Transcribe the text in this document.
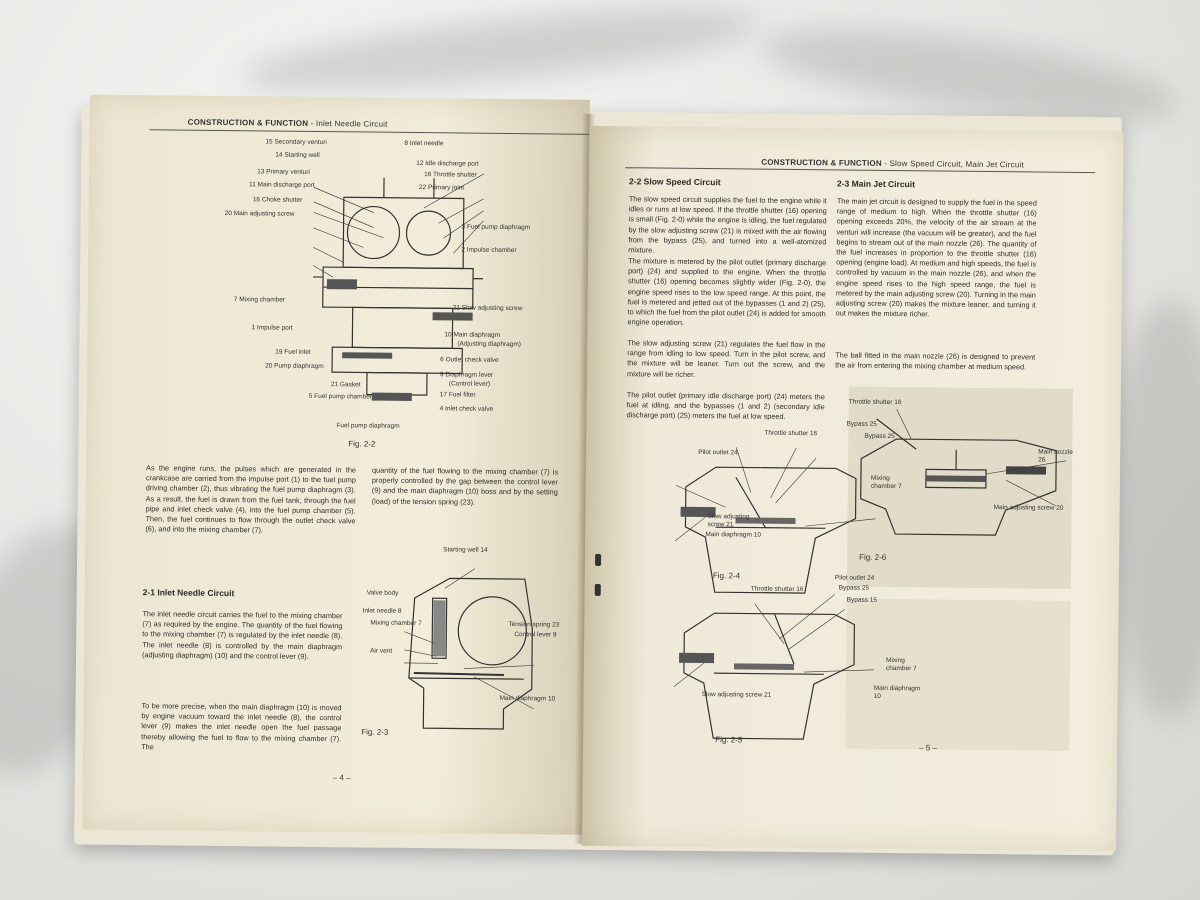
CONSTRUCTION & FUNCTION - Inlet Needle Circuit
15 Secondary venturi
14 Starting well
13 Primary venturi
11 Main discharge port
16 Choke shutter
20 Main adjusting screw
8 Inlet needle
12 Idle discharge port
16 Throttle shutter
22 Primary joint
3 Fuel pump diaphragm
2 Impulse chamber
7 Mixing chamber
1 Impulse port
21 Slow adjusting screw
10 Main diaphragm
(Adjusting diaphragm)
19 Fuel inlet
20 Pump diaphragm
6 Outlet check valve
9 Diaphragm lever
(Control lever)
21 Gasket
17 Fuel filter
5 Fuel pump chamber
4 Inlet check valve
Fuel pump diaphragm
Fig. 2-2
As the engine runs, the pulses which are generated in the crankcase are carried from the impulse port (1) to the fuel pump driving chamber (2), thus vibrating the fuel pump diaphragm (3). As a result, the fuel is drawn from the fuel tank, through the fuel pipe and inlet check valve (4), into the fuel pump chamber (5). Then, the fuel continues to flow through the outlet check valve (6), and into the mixing chamber (7).
quantity of the fuel flowing to the mixing chamber (7) is properly controlled by the gap between the control lever (9) and the main diaphragm (10) boss and by the setting (load) of the tension spring (23).
2-1 Inlet Needle Circuit
The inlet needle circuit carries the fuel to the mixing chamber (7) as required by the engine. The quantity of the fuel flowing to the mixing chamber (7) is regulated by the inlet needle (8). The inlet needle (8) is controlled by the main diaphragm (adjusting diaphragm) (10) and the control lever (9).
To be more precise, when the main diaphragm (10) is moved by engine vacuum toward the inlet needle (8), the control lever (9) makes the inlet needle open the fuel passage thereby allowing the fuel to flow to the mixing chamber (7). The
Starting well 14
Valve body
Inlet needle 8
Mixing chamber 7
Air vent
Tension spring 23
Control lever 9
Main diaphragm 10
Fig. 2-3
– 4 –
CONSTRUCTION & FUNCTION - Slow Speed Circuit, Main Jet Circuit
2-2 Slow Speed Circuit
The slow speed circuit supplies the fuel to the engine while it idles or runs at low speed. If the throttle shutter (16) opening is small (Fig. 2-0) while the engine is idling, the fuel regulated by the slow adjusting screw (21) is mixed with the air flowing from the bypass (25), and turned into a well-atomized mixture.
The mixture is metered by the pilot outlet (primary discharge port) (24) and supplied to the engine. When the throttle shutter (16) opening becomes slightly wider (Fig. 2-0), the engine speed rises to the low speed range. At this point, the fuel is metered and jetted out of the bypasses (1 and 2) (25), to which the fuel from the pilot outlet (24) is added for smooth engine operation.
The slow adjusting screw (21) regulates the fuel flow in the range from idling to low speed. Turn in the pilot screw, and the mixture will be leaner. Turn out the screw, and the mixture will be richer.
The pilot outlet (primary idle discharge port) (24) meters the fuel at idling, and the bypasses (1 and 2) (secondary idle discharge port) (25) meters the fuel at low speed.
2-3 Main Jet Circuit
The main jet circuit is designed to supply the fuel in the speed range of medium to high. When the throttle shutter (16) opening exceeds 20%, the velocity of the air stream at the venturi will increase (the vacuum will be greater), and the fuel begins to stream out of the main nozzle (26). The quantity of the fuel increases in proportion to the throttle shutter (16) opening (engine load). At medium and high speeds, the fuel is controlled by vacuum in the main nozzle (26), and when the engine speed rises to the high speed range, the fuel is metered by the main adjusting screw (20). Turning in the main adjusting screw (20) makes the mixture leaner, and turning it out makes the mixture richer.
The ball fitted in the main nozzle (26) is designed to prevent the air from entering the mixing chamber at medium speed.
Throttle shutter 16
Main nozzle 26
Main adjusting screw 20
Fig. 2-6
Throttle shutter 16
Bypass 25
Bypass 25
Pilot outlet 24
Mixing chamber 7
Slow adjusting screw 21
Main diaphragm 10
Fig. 2-4	Pilot outlet 24
Throttle shutter 16	Bypass 25
Bypass 15
Mixing chamber 7
Slow adjusting screw 21
Main diaphragm 10
Fig. 2-5
– 5 –
